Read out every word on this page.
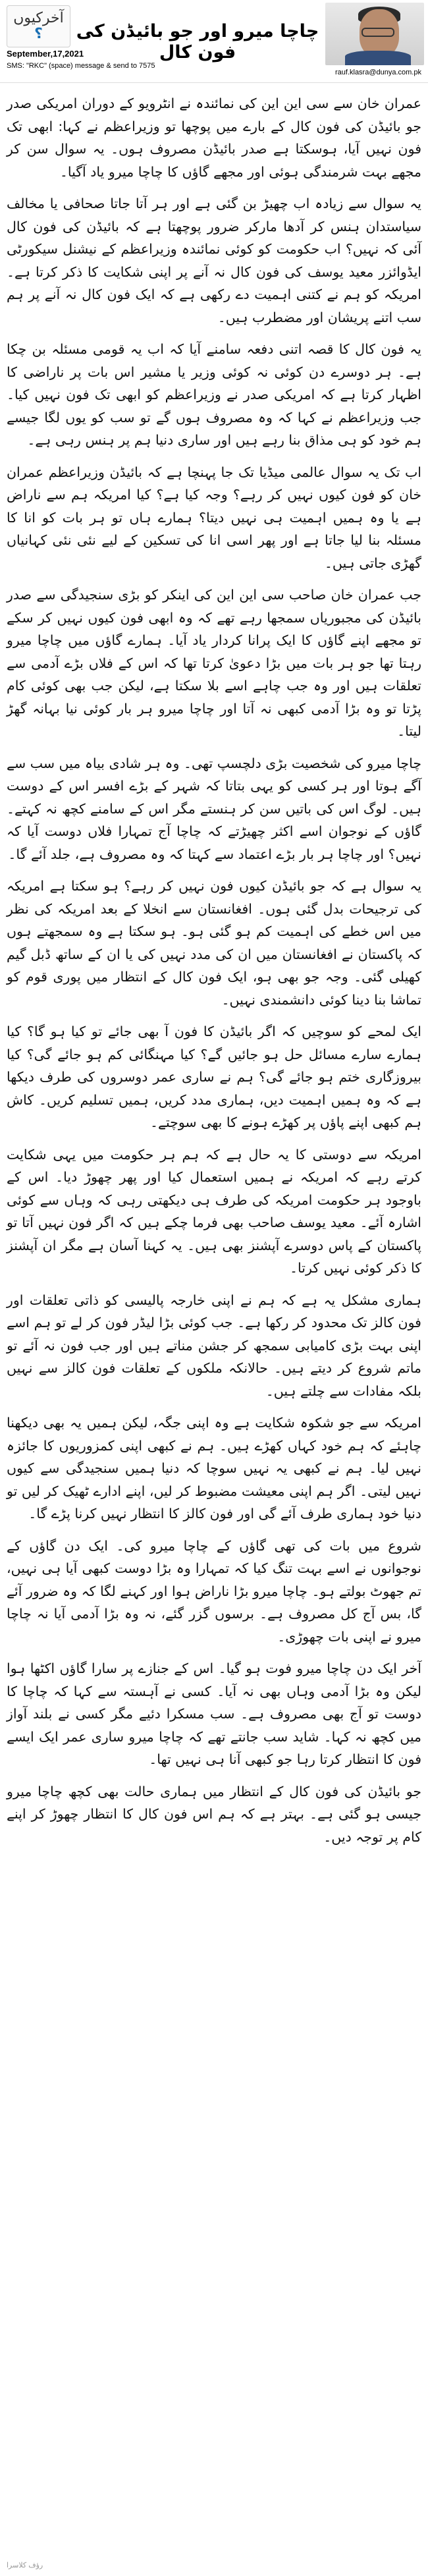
آخرکیوں
؟ چاچا میرو اور جو بائیڈن کی فون کال
September,17,2021
SMS: "RKC" (space) message & send to 7575
rauf.klasra@dunya.com.pk

عمران خان سے سی این این کی نمائندہ نے انٹرویو کے دوران امریکی صدر جو بائیڈن کی فون کال کے بارے میں پوچھا تو وزیراعظم نے کہا: ابھی تک فون نہیں آیا، ہوسکتا ہے صدر بائیڈن مصروف ہوں۔ یہ سوال سن کر مجھے بہت شرمندگی ہوئی اور مجھے گاؤں کا چاچا میرو یاد آگیا۔

یہ سوال سے زیادہ اب چھیڑ بن گئی ہے اور ہر آتا جاتا صحافی یا مخالف سیاستدان ہنس کر آدھا مارکر ضرور پوچھتا ہے کہ بائیڈن کی فون کال آئی کہ نہیں؟ اب حکومت کو کوئی نمائندہ وزیراعظم کے نیشنل سیکورٹی ایڈوائزر معید یوسف کی فون کال نہ آنے پر اپنی شکایت کا ذکر کرتا ہے۔ امریکہ کو ہم نے کتنی اہمیت دے رکھی ہے کہ ایک فون کال نہ آنے پر ہم سب اتنے پریشان اور مضطرب ہیں۔

یہ فون کال کا قصہ اتنی دفعہ سامنے آیا کہ اب یہ قومی مسئلہ بن چکا ہے۔ ہر دوسرے دن کوئی نہ کوئی وزیر یا مشیر اس بات پر ناراضی کا اظہار کرتا ہے کہ امریکی صدر نے وزیراعظم کو ابھی تک فون نہیں کیا۔ جب وزیراعظم نے کہا کہ وہ مصروف ہوں گے تو سب کو یوں لگا جیسے ہم خود کو ہی مذاق بنا رہے ہیں اور ساری دنیا ہم پر ہنس رہی ہے۔

اب تک یہ سوال عالمی میڈیا تک جا پہنچا ہے کہ بائیڈن وزیراعظم عمران خان کو فون کیوں نہیں کر رہے؟ وجہ کیا ہے؟ کیا امریکہ ہم سے ناراض ہے یا وہ ہمیں اہمیت ہی نہیں دیتا؟ ہمارے ہاں تو ہر بات کو انا کا مسئلہ بنا لیا جاتا ہے اور پھر اسی انا کی تسکین کے لیے نئی نئی کہانیاں گھڑی جاتی ہیں۔

جب عمران خان صاحب سی این این کی اینکر کو بڑی سنجیدگی سے صدر بائیڈن کی مجبوریاں سمجھا رہے تھے کہ وہ ابھی فون کیوں نہیں کر سکے تو مجھے اپنے گاؤں کا ایک پرانا کردار یاد آیا۔ ہمارے گاؤں میں چاچا میرو رہتا تھا جو ہر بات میں بڑا دعویٰ کرتا تھا کہ اس کے فلاں بڑے آدمی سے تعلقات ہیں اور وہ جب چاہے اسے بلا سکتا ہے، لیکن جب بھی کوئی کام پڑتا تو وہ بڑا آدمی کبھی نہ آتا اور چاچا میرو ہر بار کوئی نیا بہانہ گھڑ لیتا۔

چاچا میرو کی شخصیت بڑی دلچسپ تھی۔ وہ ہر شادی بیاہ میں سب سے آگے ہوتا اور ہر کسی کو یہی بتاتا کہ شہر کے بڑے افسر اس کے دوست ہیں۔ لوگ اس کی باتیں سن کر ہنستے مگر اس کے سامنے کچھ نہ کہتے۔ گاؤں کے نوجوان اسے اکثر چھیڑتے کہ چاچا آج تمہارا فلاں دوست آیا کہ نہیں؟ اور چاچا ہر بار بڑے اعتماد سے کہتا کہ وہ مصروف ہے، جلد آئے گا۔

یہ سوال ہے کہ جو بائیڈن کیوں فون نہیں کر رہے؟ ہو سکتا ہے امریکہ کی ترجیحات بدل گئی ہوں۔ افغانستان سے انخلا کے بعد امریکہ کی نظر میں اس خطے کی اہمیت کم ہو گئی ہو۔ ہو سکتا ہے وہ سمجھتے ہوں کہ پاکستان نے افغانستان میں ان کی مدد نہیں کی یا ان کے ساتھ ڈبل گیم کھیلی گئی۔ وجہ جو بھی ہو، ایک فون کال کے انتظار میں پوری قوم کو تماشا بنا دینا کوئی دانشمندی نہیں۔

ایک لمحے کو سوچیں کہ اگر بائیڈن کا فون آ بھی جائے تو کیا ہو گا؟ کیا ہمارے سارے مسائل حل ہو جائیں گے؟ کیا مہنگائی کم ہو جائے گی؟ کیا بیروزگاری ختم ہو جائے گی؟ ہم نے ساری عمر دوسروں کی طرف دیکھا ہے کہ وہ ہمیں اہمیت دیں، ہماری مدد کریں، ہمیں تسلیم کریں۔ کاش ہم کبھی اپنے پاؤں پر کھڑے ہونے کا بھی سوچتے۔

امریکہ سے دوستی کا یہ حال ہے کہ ہم ہر حکومت میں یہی شکایت کرتے رہے کہ امریکہ نے ہمیں استعمال کیا اور پھر چھوڑ دیا۔ اس کے باوجود ہر حکومت امریکہ کی طرف ہی دیکھتی رہی کہ وہاں سے کوئی اشارہ آئے۔ معید یوسف صاحب بھی فرما چکے ہیں کہ اگر فون نہیں آتا تو پاکستان کے پاس دوسرے آپشنز بھی ہیں۔ یہ کہنا آسان ہے مگر ان آپشنز کا ذکر کوئی نہیں کرتا۔

ہماری مشکل یہ ہے کہ ہم نے اپنی خارجہ پالیسی کو ذاتی تعلقات اور فون کالز تک محدود کر رکھا ہے۔ جب کوئی بڑا لیڈر فون کر لے تو ہم اسے اپنی بہت بڑی کامیابی سمجھ کر جشن مناتے ہیں اور جب فون نہ آئے تو ماتم شروع کر دیتے ہیں۔ حالانکہ ملکوں کے تعلقات فون کالز سے نہیں بلکہ مفادات سے چلتے ہیں۔

امریکہ سے جو شکوہ شکایت ہے وہ اپنی جگہ، لیکن ہمیں یہ بھی دیکھنا چاہئے کہ ہم خود کہاں کھڑے ہیں۔ ہم نے کبھی اپنی کمزوریوں کا جائزہ نہیں لیا۔ ہم نے کبھی یہ نہیں سوچا کہ دنیا ہمیں سنجیدگی سے کیوں نہیں لیتی۔ اگر ہم اپنی معیشت مضبوط کر لیں، اپنے ادارے ٹھیک کر لیں تو دنیا خود ہماری طرف آئے گی اور فون کالز کا انتظار نہیں کرنا پڑے گا۔

شروع میں بات کی تھی گاؤں کے چاچا میرو کی۔ ایک دن گاؤں کے نوجوانوں نے اسے بہت تنگ کیا کہ تمہارا وہ بڑا دوست کبھی آیا ہی نہیں، تم جھوٹ بولتے ہو۔ چاچا میرو بڑا ناراض ہوا اور کہنے لگا کہ وہ ضرور آئے گا، بس آج کل مصروف ہے۔ برسوں گزر گئے، نہ وہ بڑا آدمی آیا نہ چاچا میرو نے اپنی بات چھوڑی۔

آخر ایک دن چاچا میرو فوت ہو گیا۔ اس کے جنازے پر سارا گاؤں اکٹھا ہوا لیکن وہ بڑا آدمی وہاں بھی نہ آیا۔ کسی نے آہستہ سے کہا کہ چاچا کا دوست تو آج بھی مصروف ہے۔ سب مسکرا دئیے مگر کسی نے بلند آواز میں کچھ نہ کہا۔ شاید سب جانتے تھے کہ چاچا میرو ساری عمر ایک ایسے فون کا انتظار کرتا رہا جو کبھی آنا ہی نہیں تھا۔

جو بائیڈن کی فون کال کے انتظار میں ہماری حالت بھی کچھ چاچا میرو جیسی ہو گئی ہے۔ بہتر ہے کہ ہم اس فون کال کا انتظار چھوڑ کر اپنے کام پر توجہ دیں۔

رؤف کلاسرا
